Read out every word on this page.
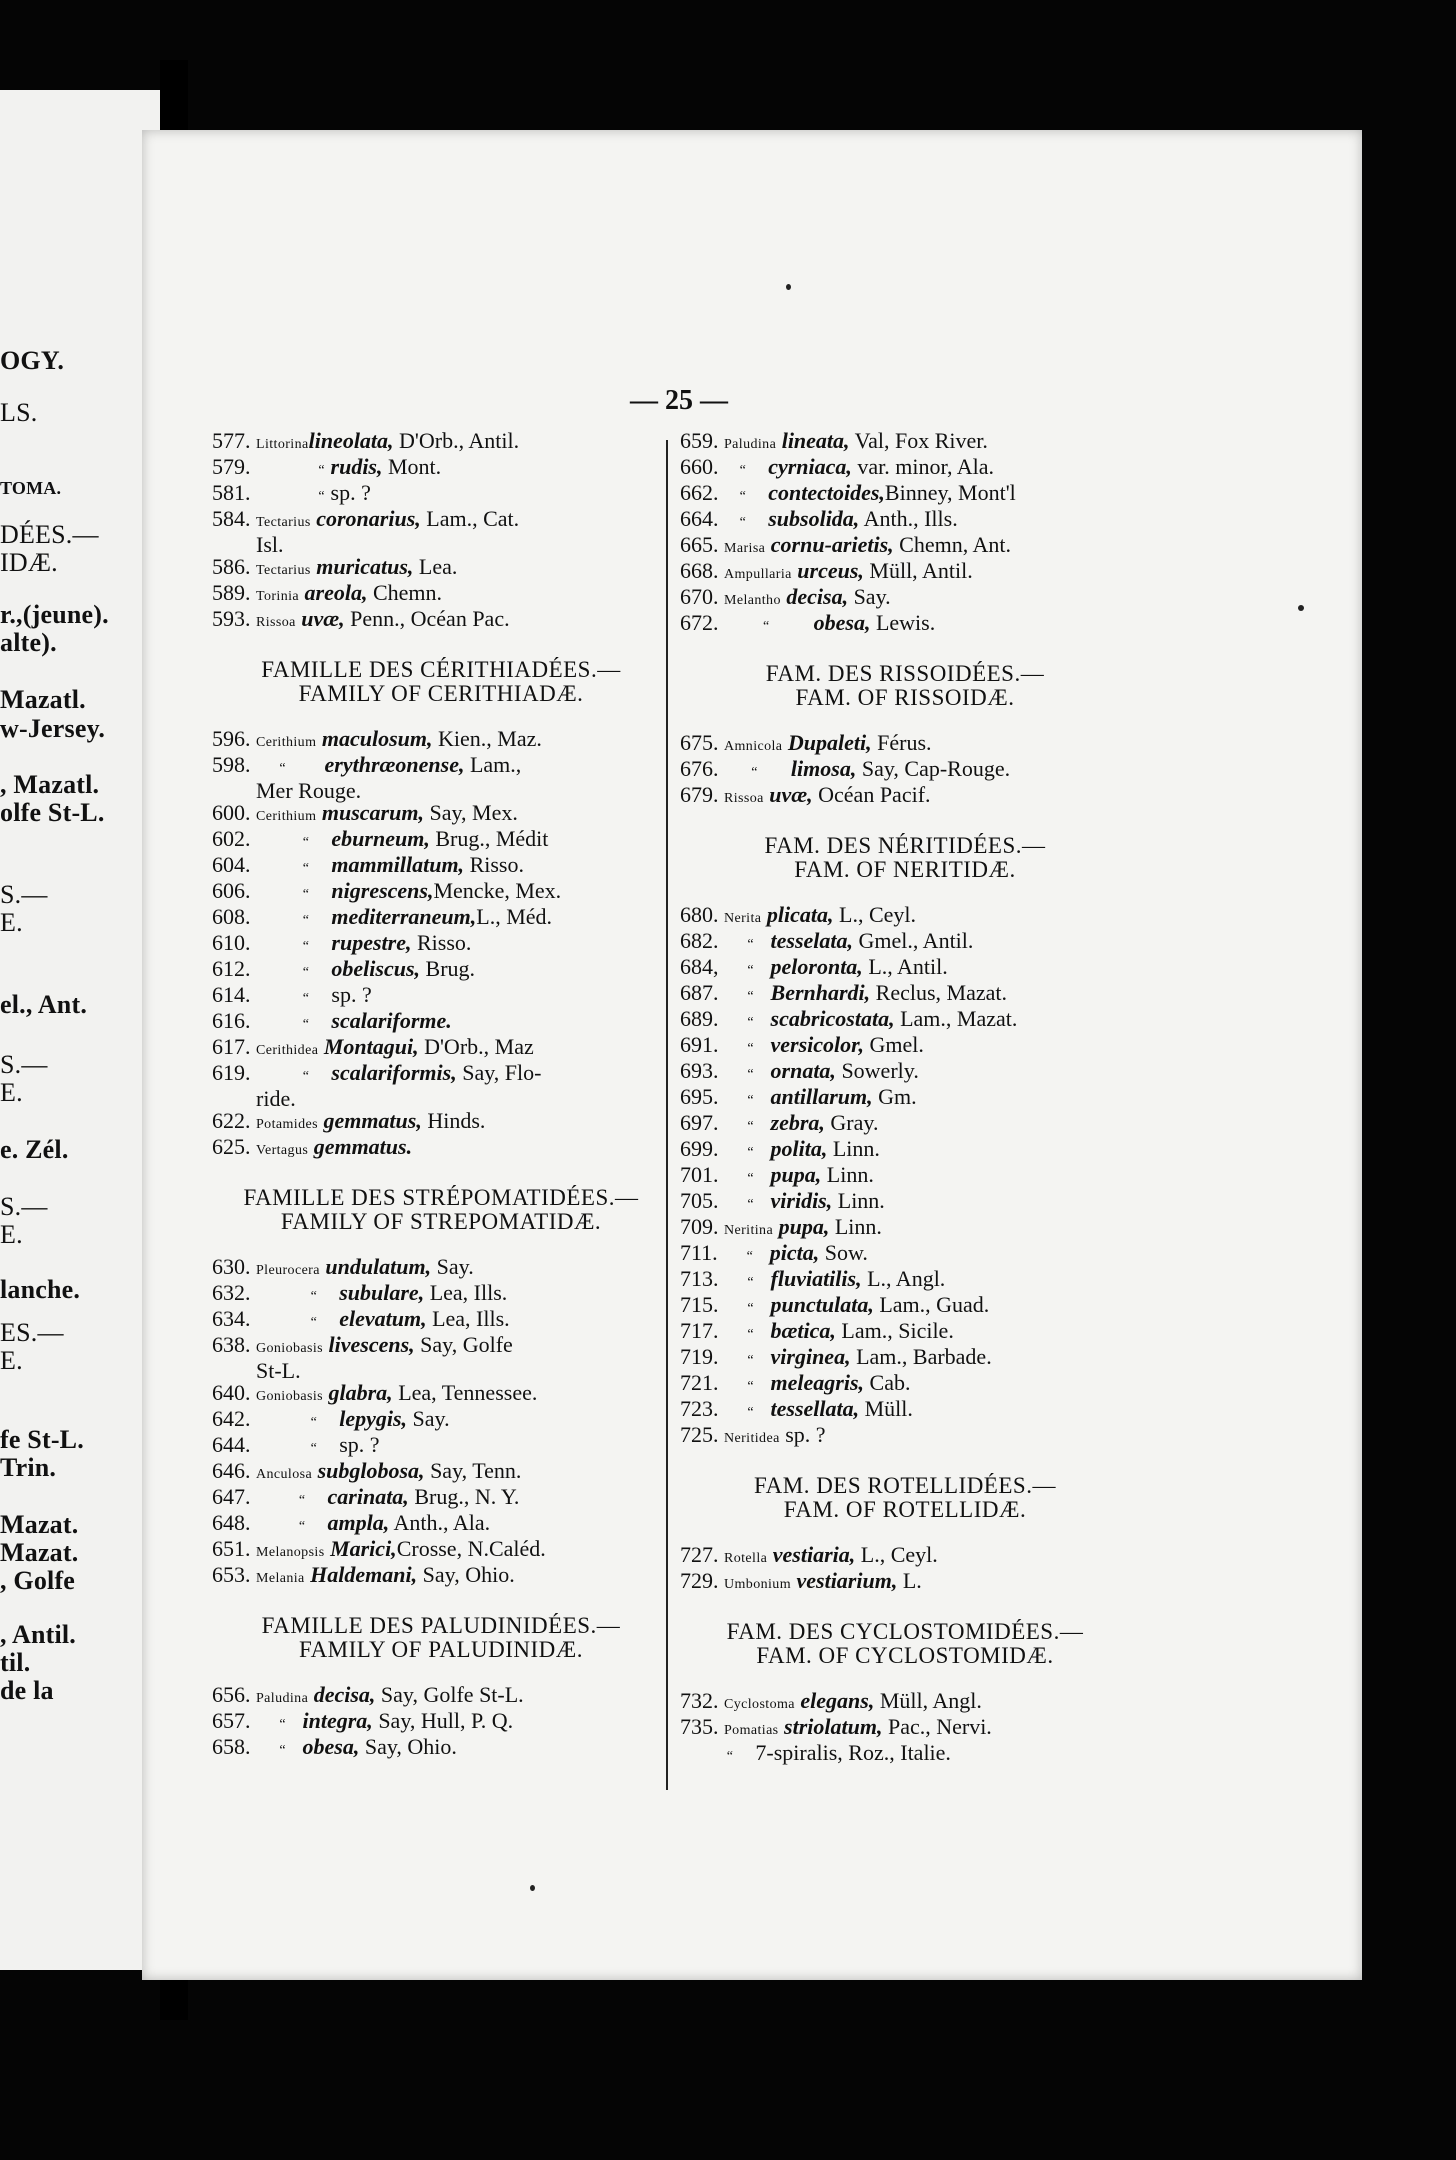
OGY.
LS.
TOMA.
DÉES.—
IDÆ.
r.,(jeune).
alte).
Mazatl.
w-Jersey.
, Mazatl.
olfe St-L.
S.—
E.
el., Ant.
S.—
E.
e. Zél.
S.—
E.
lanche.
ES.—
E.
fe St-L.
Trin.
Mazat.
Mazat.
, Golfe
, Antil.
til.
de la
— 25 —
577. Littorinalineolata, D'Orb., Antil.
579.                 “ rudis, Mont.
581.                 “ sp. ?
584. Tectarius coronarius, Lam., Cat.
Isl.
586. Tectarius muricatus, Lea.
589. Torinia areola, Chemn.
593. Rissoa uvæ, Penn., Océan Pac.
FAMILLE DES CÉRITHIADÉES.—
FAMILY OF CERITHIADÆ.
596. Cerithium maculosum, Kien., Maz.
598.       “       erythræonense, Lam.,
Mer Rouge.
600. Cerithium muscarum, Say, Mex.
602.             “    eburneum, Brug., Médit
604.             “    mammillatum, Risso.
606.             “    nigrescens,Mencke, Mex.
608.             “    mediterraneum,L., Méd.
610.             “    rupestre, Risso.
612.             “    obeliscus, Brug.
614.             “    sp. ?
616.             “    scalariforme.
617. Cerithidea Montagui, D'Orb., Maz
619.             “    scalariformis, Say, Flo-
ride.
622. Potamides gemmatus, Hinds.
625. Vertagus gemmatus.
FAMILLE DES STRÉPOMATIDÉES.—
FAMILY OF STREPOMATIDÆ.
630. Pleurocera undulatum, Say.
632.               “    subulare, Lea, Ills.
634.               “    elevatum, Lea, Ills.
638. Goniobasis livescens, Say, Golfe
St-L.
640. Goniobasis glabra, Lea, Tennessee.
642.               “    lepygis, Say.
644.               “    sp. ?
646. Anculosa subglobosa, Say, Tenn.
647.            “    carinata, Brug., N. Y.
648.            “    ampla, Anth., Ala.
651. Melanopsis Marici,Crosse, N.Caléd.
653. Melania Haldemani, Say, Ohio.
FAMILLE DES PALUDINIDÉES.—
FAMILY OF PALUDINIDÆ.
656. Paludina decisa, Say, Golfe St-L.
657.       “   integra, Say, Hull, P. Q.
658.       “   obesa, Say, Ohio.
659. Paludina lineata, Val, Fox River.
660.     “    cyrniaca, var. minor, Ala.
662.     “    contectoides,Binney, Mont'l
664.     “    subsolida, Anth., Ills.
665. Marisa cornu-arietis, Chemn, Ant.
668. Ampullaria urceus, Müll, Antil.
670. Melantho decisa, Say.
672.           “        obesa, Lewis.
FAM. DES RISSOIDÉES.—
FAM. OF RISSOIDÆ.
675. Amnicola Dupaleti, Férus.
676.        “      limosa, Say, Cap-Rouge.
679. Rissoa uvæ, Océan Pacif.
FAM. DES NÉRITIDÉES.—
FAM. OF NERITIDÆ.
680. Nerita plicata, L., Ceyl.
682.       “   tesselata, Gmel., Antil.
684,       “   peloronta, L., Antil.
687.       “   Bernhardi, Reclus, Mazat.
689.       “   scabricostata, Lam., Mazat.
691.       “   versicolor, Gmel.
693.       “   ornata, Sowerly.
695.       “   antillarum, Gm.
697.       “   zebra, Gray.
699.       “   polita, Linn.
701.       “   pupa, Linn.
705.       “   viridis, Linn.
709. Neritina pupa, Linn.
711.       “   picta, Sow.
713.       “   fluviatilis, L., Angl.
715.       “   punctulata, Lam., Guad.
717.       “   bætica, Lam., Sicile.
719.       “   virginea, Lam., Barbade.
721.       “   meleagris, Cab.
723.       “   tessellata, Müll.
725. Neritidea sp. ?
FAM. DES ROTELLIDÉES.—
FAM. OF ROTELLIDÆ.
727. Rotella vestiaria, L., Ceyl.
729. Umbonium vestiarium, L.
FAM. DES CYCLOSTOMIDÉES.—
FAM. OF CYCLOSTOMIDÆ.
732. Cyclostoma elegans, Müll, Angl.
735. Pomatias striolatum, Pac., Nervi.
“    7-spiralis, Roz., Italie.
